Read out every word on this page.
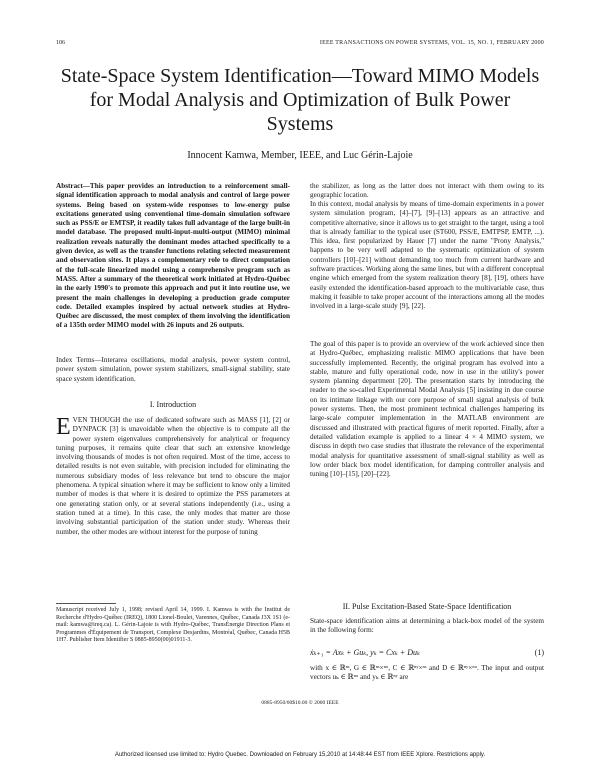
106	IEEE TRANSACTIONS ON POWER SYSTEMS, VOL. 15, NO. 1, FEBRUARY 2000
State-Space System Identification—Toward MIMO Models for Modal Analysis and Optimization of Bulk Power Systems
Innocent Kamwa, Member, IEEE, and Luc Gérin-Lajoie
Abstract—This paper provides an introduction to a reinforcement small-signal identification approach to modal analysis and control of large power systems. Being based on system-wide responses to low-energy pulse excitations generated using conventional time-domain simulation software such as PSS/E or EMTSP, it readily takes full advantage of the large built-in model database. The proposed multi-input-multi-output (MIMO) minimal realization reveals naturally the dominant modes attached specifically to a given device, as well as the transfer functions relating selected measurement and observation sites. It plays a complementary role to direct computation of the full-scale linearized model using a comprehensive program such as MASS. After a summary of the theoretical work initiated at Hydro-Québec in the early 1990's to promote this approach and put it into routine use, we present the main challenges in developing a production grade computer code. Detailed examples inspired by actual network studies at Hydro-Québec are discussed, the most complex of them involving the identification of a 135th order MIMO model with 26 inputs and 26 outputs.
Index Terms—Interarea oscillations, modal analysis, power system control, power system simulation, power system stabilizers, small-signal stability, state space system identification.
I. Introduction
EVEN THOUGH the use of dedicated software such as MASS [1], [2] or DYNPACK [3] is unavoidable when the objective is to compute all the power system eigenvalues comprehensively for analytical or frequency tuning purposes, it remains quite clear that such an extensive knowledge involving thousands of modes is not often required. Most of the time, access to detailed results is not even suitable, with precision included for eliminating the numerous subsidiary modes of less relevance but tend to obscure the major phenomena. A typical situation where it may be sufficient to know only a limited number of modes is that where it is desired to optimize the PSS parameters at one generating station only, or at several stations independently (i.e., using a station tuned at a time). In this case, the only modes that matter are those involving substantial participation of the station under study. Whereas their number, the other modes are without interest for the purpose of tuning
Manuscript received July 1, 1998; revised April 14, 1999. I. Kamwa is with the Institut de Recherche d'Hydro-Québec (IREQ), 1800 Lionel-Boulet, Varennes, Québec, Canada J3X 1S1 (e-mail: kamwa@ireq.ca). L. Gérin-Lajoie is with Hydro-Québec, TransÉnergie Direction Plans et Programmes d'Équipement de Transport, Complexe Desjardins, Montréal, Québec, Canada H5B 1H7. Publisher Item Identifier S 0885-8950(00)01911-3.
the stabilizer, as long as the latter does not interact with them owing to its geographic location.
In this context, modal analysis by means of time-domain experiments in a power system simulation program, [4]–[7], [9]–[13] appears as an attractive and competitive alternative, since it allows us to get straight to the target, using a tool that is already familiar to the typical user (ST600, PSS/E, EMTPSP, EMTP, ...). This idea, first popularized by Hauer [7] under the name "Prony Analysis," happens to be very well adapted to the systematic optimization of system controllers [10]–[21] without demanding too much from current hardware and software practices. Working along the same lines, but with a different conceptual engine which emerged from the system realization theory [8], [19], others have easily extended the identification-based approach to the multivariable case, thus making it feasible to take proper account of the interactions among all the modes involved in a large-scale study [9], [22].
The goal of this paper is to provide an overview of the work achieved since then at Hydro-Québec, emphasizing realistic MIMO applications that have been successfully implemented. Recently, the original program has evolved into a stable, mature and fully operational code, now in use in the utility's power system planning department [20]. The presentation starts by introducing the reader to the so-called Experimental Modal Analysis [5] insisting in due course on its intimate linkage with our core purpose of small signal analysis of bulk power systems. Then, the most prominent technical challenges hampering its large-scale computer implementation in the MATLAB environment are discussed and illustrated with practical figures of merit reported. Finally, after a detailed validation example is applied to a linear 4 × 4 MIMO system, we discuss in depth two case studies that illustrate the relevance of the experimental modal analysis for quantitative assessment of small-signal stability as well as low order black box model identification, for damping controller analysis and tuning [10]–[15], [20]–[22].
II. Pulse Excitation-Based State-Space Identification
State-space identification aims at determining a black-box model of the system in the following form:
ẋₖ₊₁ = Axₖ + Guₖ, yₖ = Cxₖ + Duₖ	(1)
with x ∈ ℝⁿˢ, G ∈ ℝⁿˢ×ⁿᵘ, C ∈ ℝⁿʸ×ⁿˢ and D ∈ ℝⁿʸ×ⁿᵘ. The input and output vectors uₖ ∈ ℝⁿᵘ and yₖ ∈ ℝⁿʸ are
0885-8950/00$10.00 © 2000 IEEE
Authorized licensed use limited to: Hydro Quebec. Downloaded on February 15,2010 at 14:48:44 EST from IEEE Xplore. Restrictions apply.
